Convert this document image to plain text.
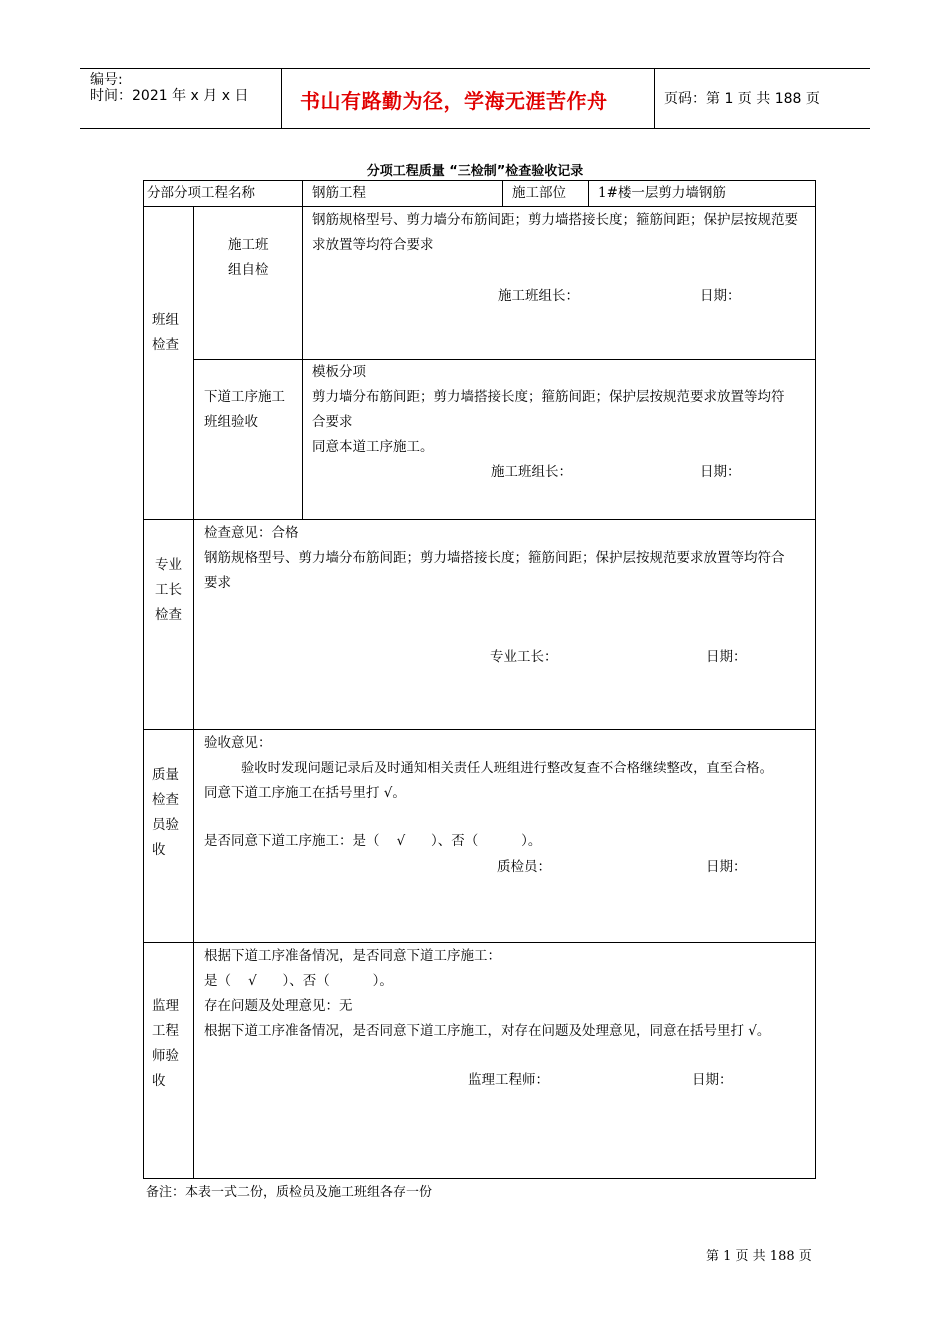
编号:
时间：2021 年 x 月 x 日	书山有路勤为径，学海无涯苦作舟	页码：第 1 页 共 188 页
分项工程质量 “三检制”检查验收记录
分部分项工程名称	钢筋工程	施工部位 1#楼一层剪力墙钢筋
班组
检查
施工班
组自检
钢筋规格型号、剪力墙分布筋间距；剪力墙搭接长度；箍筋间距；保护层按规范要
求放置等均符合要求
施工班组长：	日期：
下道工序施工
班组验收
模板分项
剪力墙分布筋间距；剪力墙搭接长度；箍筋间距；保护层按规范要求放置等均符
合要求
同意本道工序施工。
施工班组长：	日期：
专业
工长
检查
检查意见：合格
钢筋规格型号、剪力墙分布筋间距；剪力墙搭接长度；箍筋间距；保护层按规范要求放置等均符合
要求
专业工长：	日期：
质量
检查
员验
收
验收意见：
验收时发现问题记录后及时通知相关责任人班组进行整改复查不合格继续整改，直至合格。
同意下道工序施工在括号里打 √。
是否同意下道工序施工：是（    √      ）、否（          ）。
质检员：	日期：
监理
工程
师验
收
根据下道工序准备情况，是否同意下道工序施工：
是（    √      ）、否（          ）。
存在问题及处理意见：无
根据下道工序准备情况，是否同意下道工序施工，对存在问题及处理意见，同意在括号里打 √。
监理工程师：	日期：
备注：本表一式二份，质检员及施工班组各存一份
第 1 页 共 188 页
